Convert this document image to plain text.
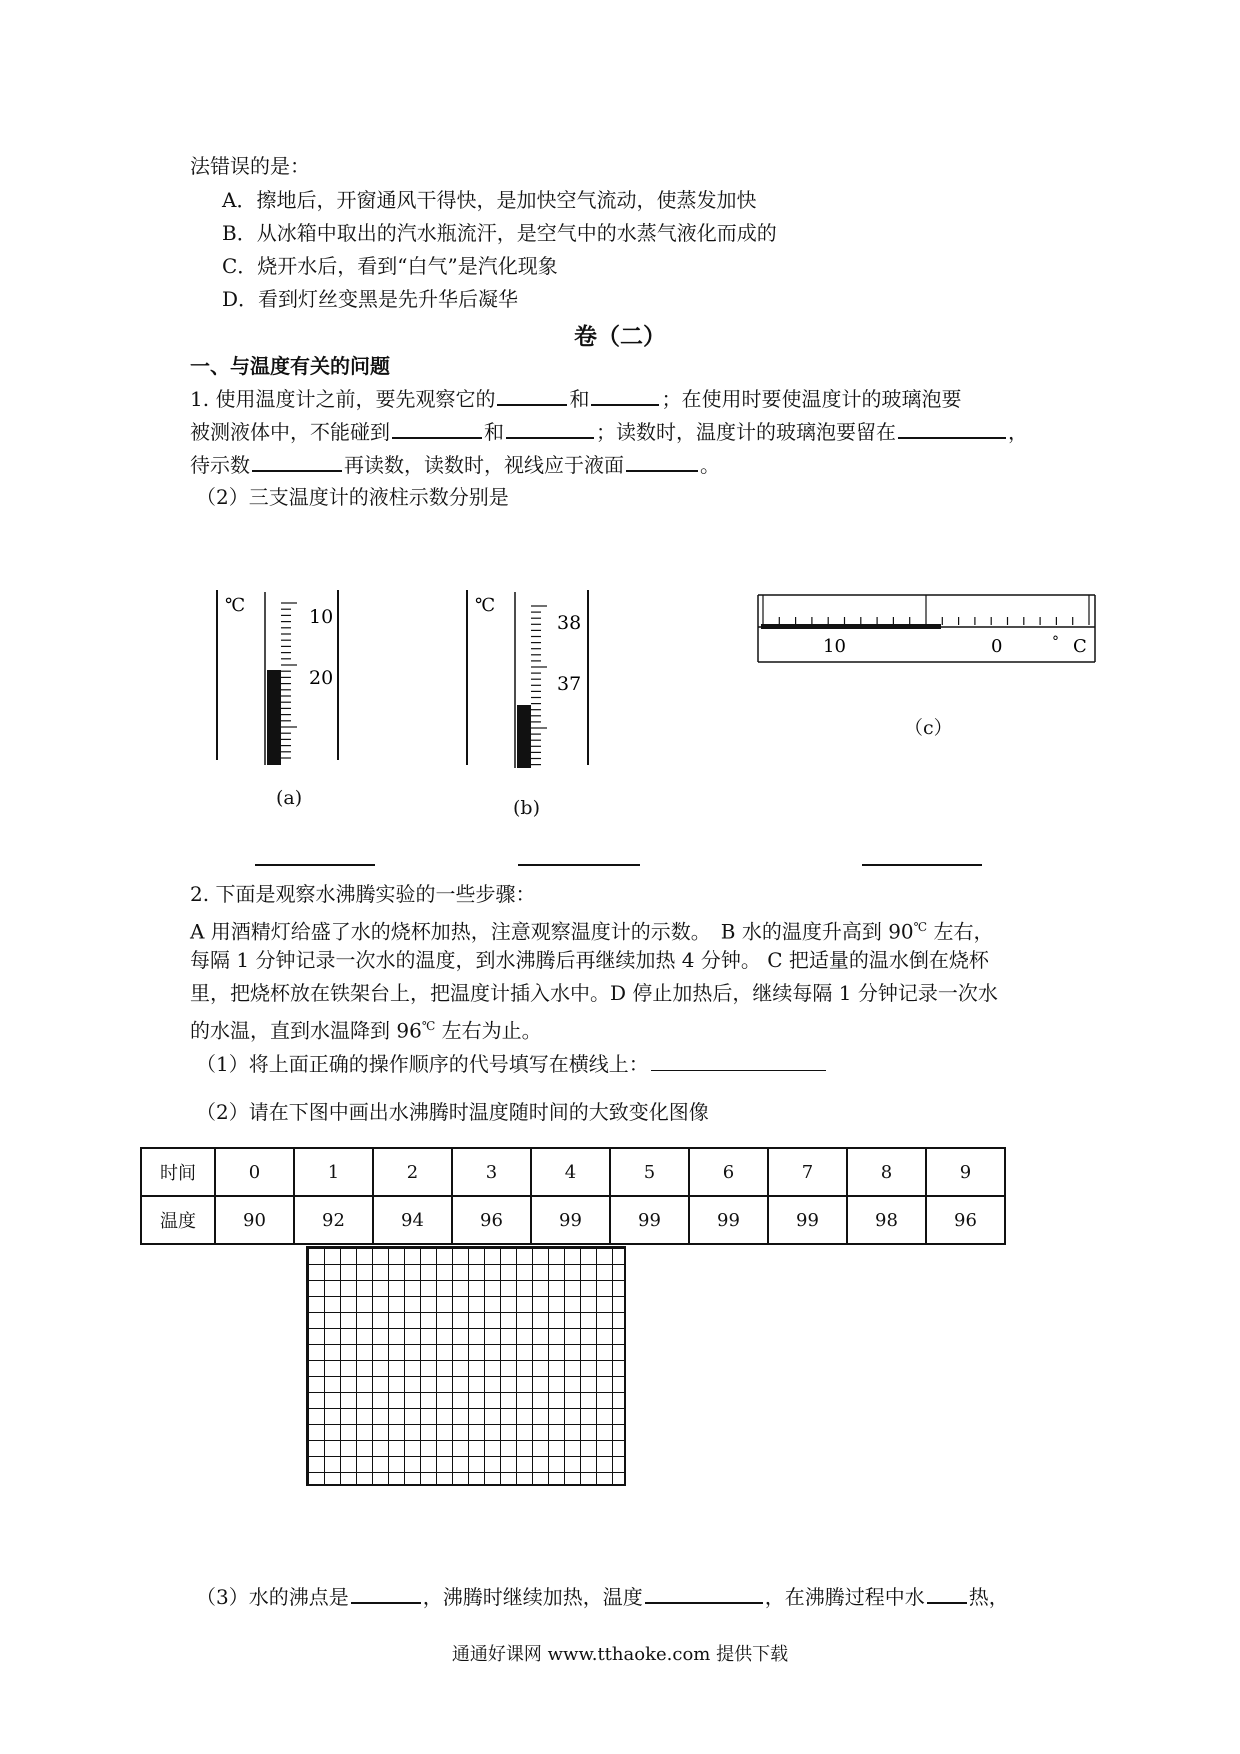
法错误的是：
A．擦地后，开窗通风干得快，是加快空气流动，使蒸发加快
B．从冰箱中取出的汽水瓶流汗，是空气中的水蒸气液化而成的
C．烧开水后，看到“白气”是汽化现象
D．看到灯丝变黑是先升华后凝华
卷（二）
一、与温度有关的问题
1. 使用温度计之前，要先观察它的	和	；在使用时要使温度计的玻璃泡要
被测液体中，不能碰到	和	；读数时，温度计的玻璃泡要留在	，
待示数	再读数，读数时，视线应于液面	。
（2）三支温度计的液柱示数分别是
℃
10
20
(a)
℃
38
37
(b)
10	0	° C
（c）
2. 下面是观察水沸腾实验的一些步骤：
A 用酒精灯给盛了水的烧杯加热，注意观察温度计的示数。　B 水的温度升高到 90℃ 左右，
每隔 1 分钟记录一次水的温度，到水沸腾后再继续加热 4 分钟。 C 把适量的温水倒在烧杯
里，把烧杯放在铁架台上，把温度计插入水中。D 停止加热后，继续每隔 1 分钟记录一次水
的水温，直到水温降到 96℃ 左右为止。
（1）将上面正确的操作顺序的代号填写在横线上：
（2）请在下图中画出水沸腾时温度随时间的大致变化图像
时间	0	1	2	3	4	5	6	7	8	9
温度	90	92	94	96	99	99	99	99	98	96
（3）水的沸点是	，沸腾时继续加热，温度	，在沸腾过程中水 热，
通通好课网 www.tthaoke.com 提供下载
